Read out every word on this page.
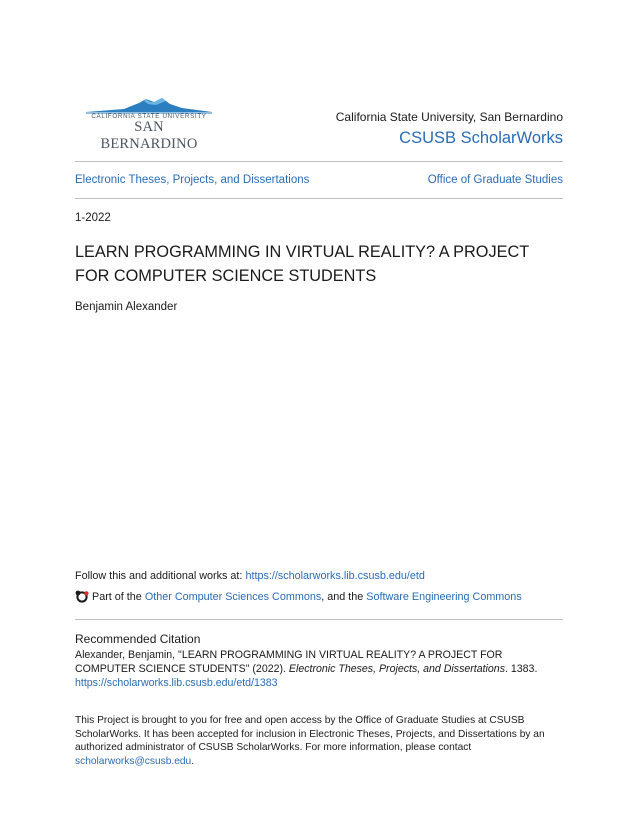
CALIFORNIA STATE UNIVERSITY
SAN BERNARDINO
California State University, San Bernardino
CSUSB ScholarWorks
Electronic Theses, Projects, and Dissertations	Office of Graduate Studies
1-2022
LEARN PROGRAMMING IN VIRTUAL REALITY? A PROJECT FOR COMPUTER SCIENCE STUDENTS
Benjamin Alexander
Follow this and additional works at: https://scholarworks.lib.csusb.edu/etd
Part of the
Other Computer Sciences Commons , and the Software Engineering Commons
Recommended Citation
Alexander, Benjamin, "LEARN PROGRAMMING IN VIRTUAL REALITY? A PROJECT FOR COMPUTER SCIENCE STUDENTS" (2022). Electronic Theses, Projects, and Dissertations. 1383.
https://scholarworks.lib.csusb.edu/etd/1383
This Project is brought to you for free and open access by the Office of Graduate Studies at CSUSB ScholarWorks. It has been accepted for inclusion in Electronic Theses, Projects, and Dissertations by an authorized administrator of CSUSB ScholarWorks. For more information, please contact scholarworks@csusb.edu.
